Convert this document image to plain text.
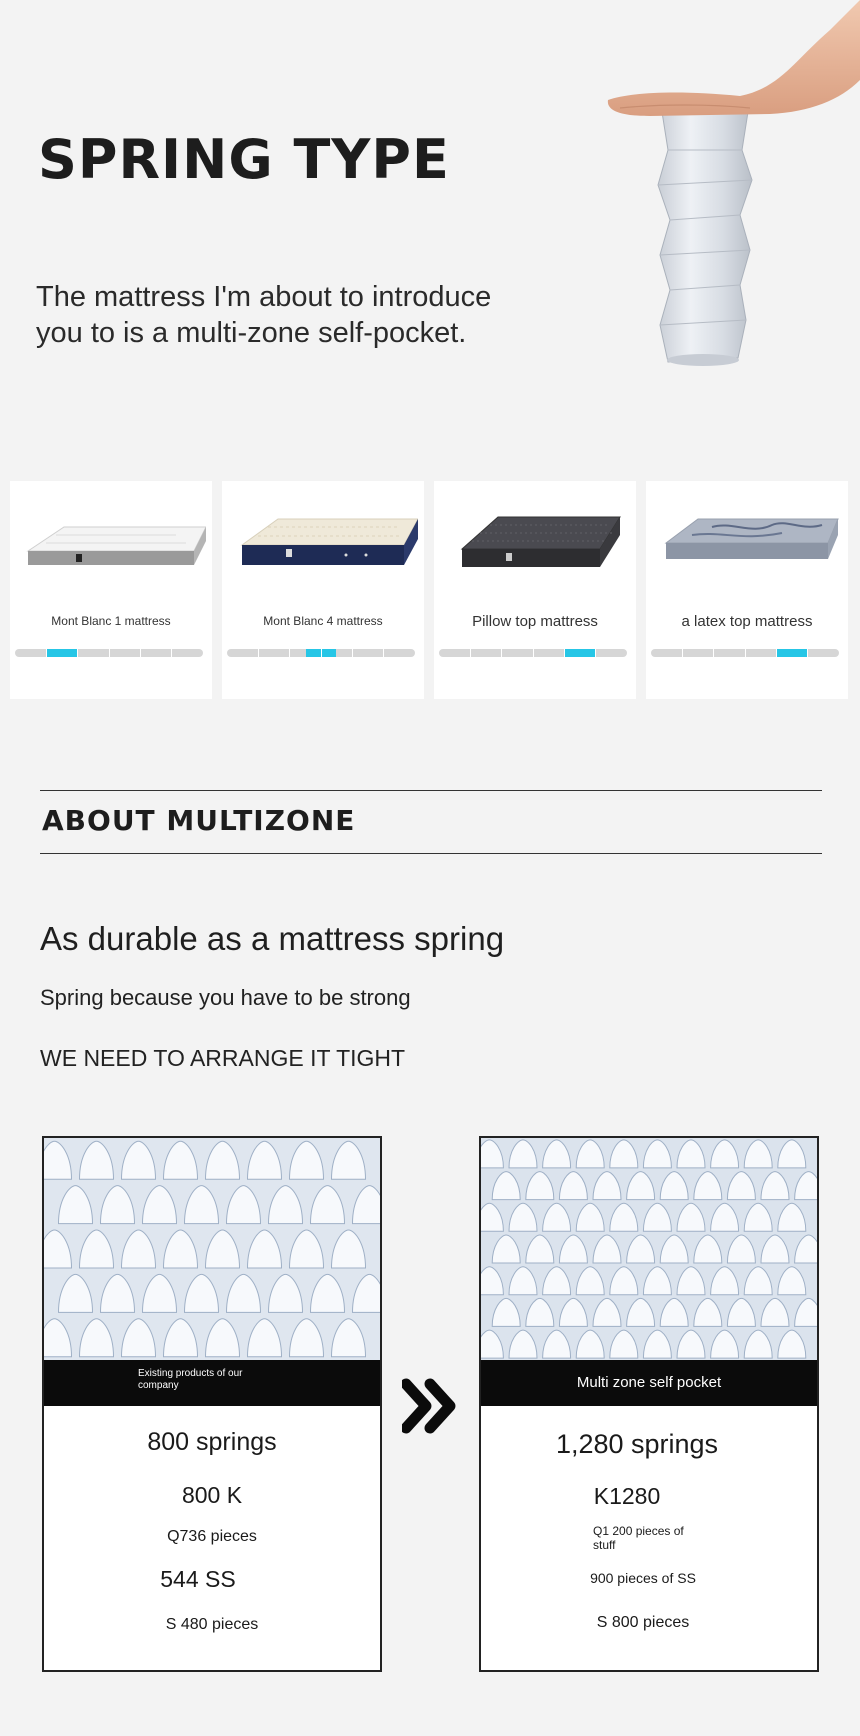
SPRING TYPE
The mattress I'm about to introduce
you to is a multi-zone self-pocket.
Mont Blanc 1 mattress	Mont Blanc 4 mattress	Pillow top mattress	a latex top mattress
ABOUT MULTIZONE
As durable as a mattress spring
Spring because you have to be strong
WE NEED TO ARRANGE IT TIGHT
Existing products of our
company
800 springs
800 K
Q736 pieces
544 SS
S 480 pieces
Multi zone self pocket
1,280 springs
K1280
Q1 200 pieces of
stuff
900 pieces of SS
S 800 pieces
